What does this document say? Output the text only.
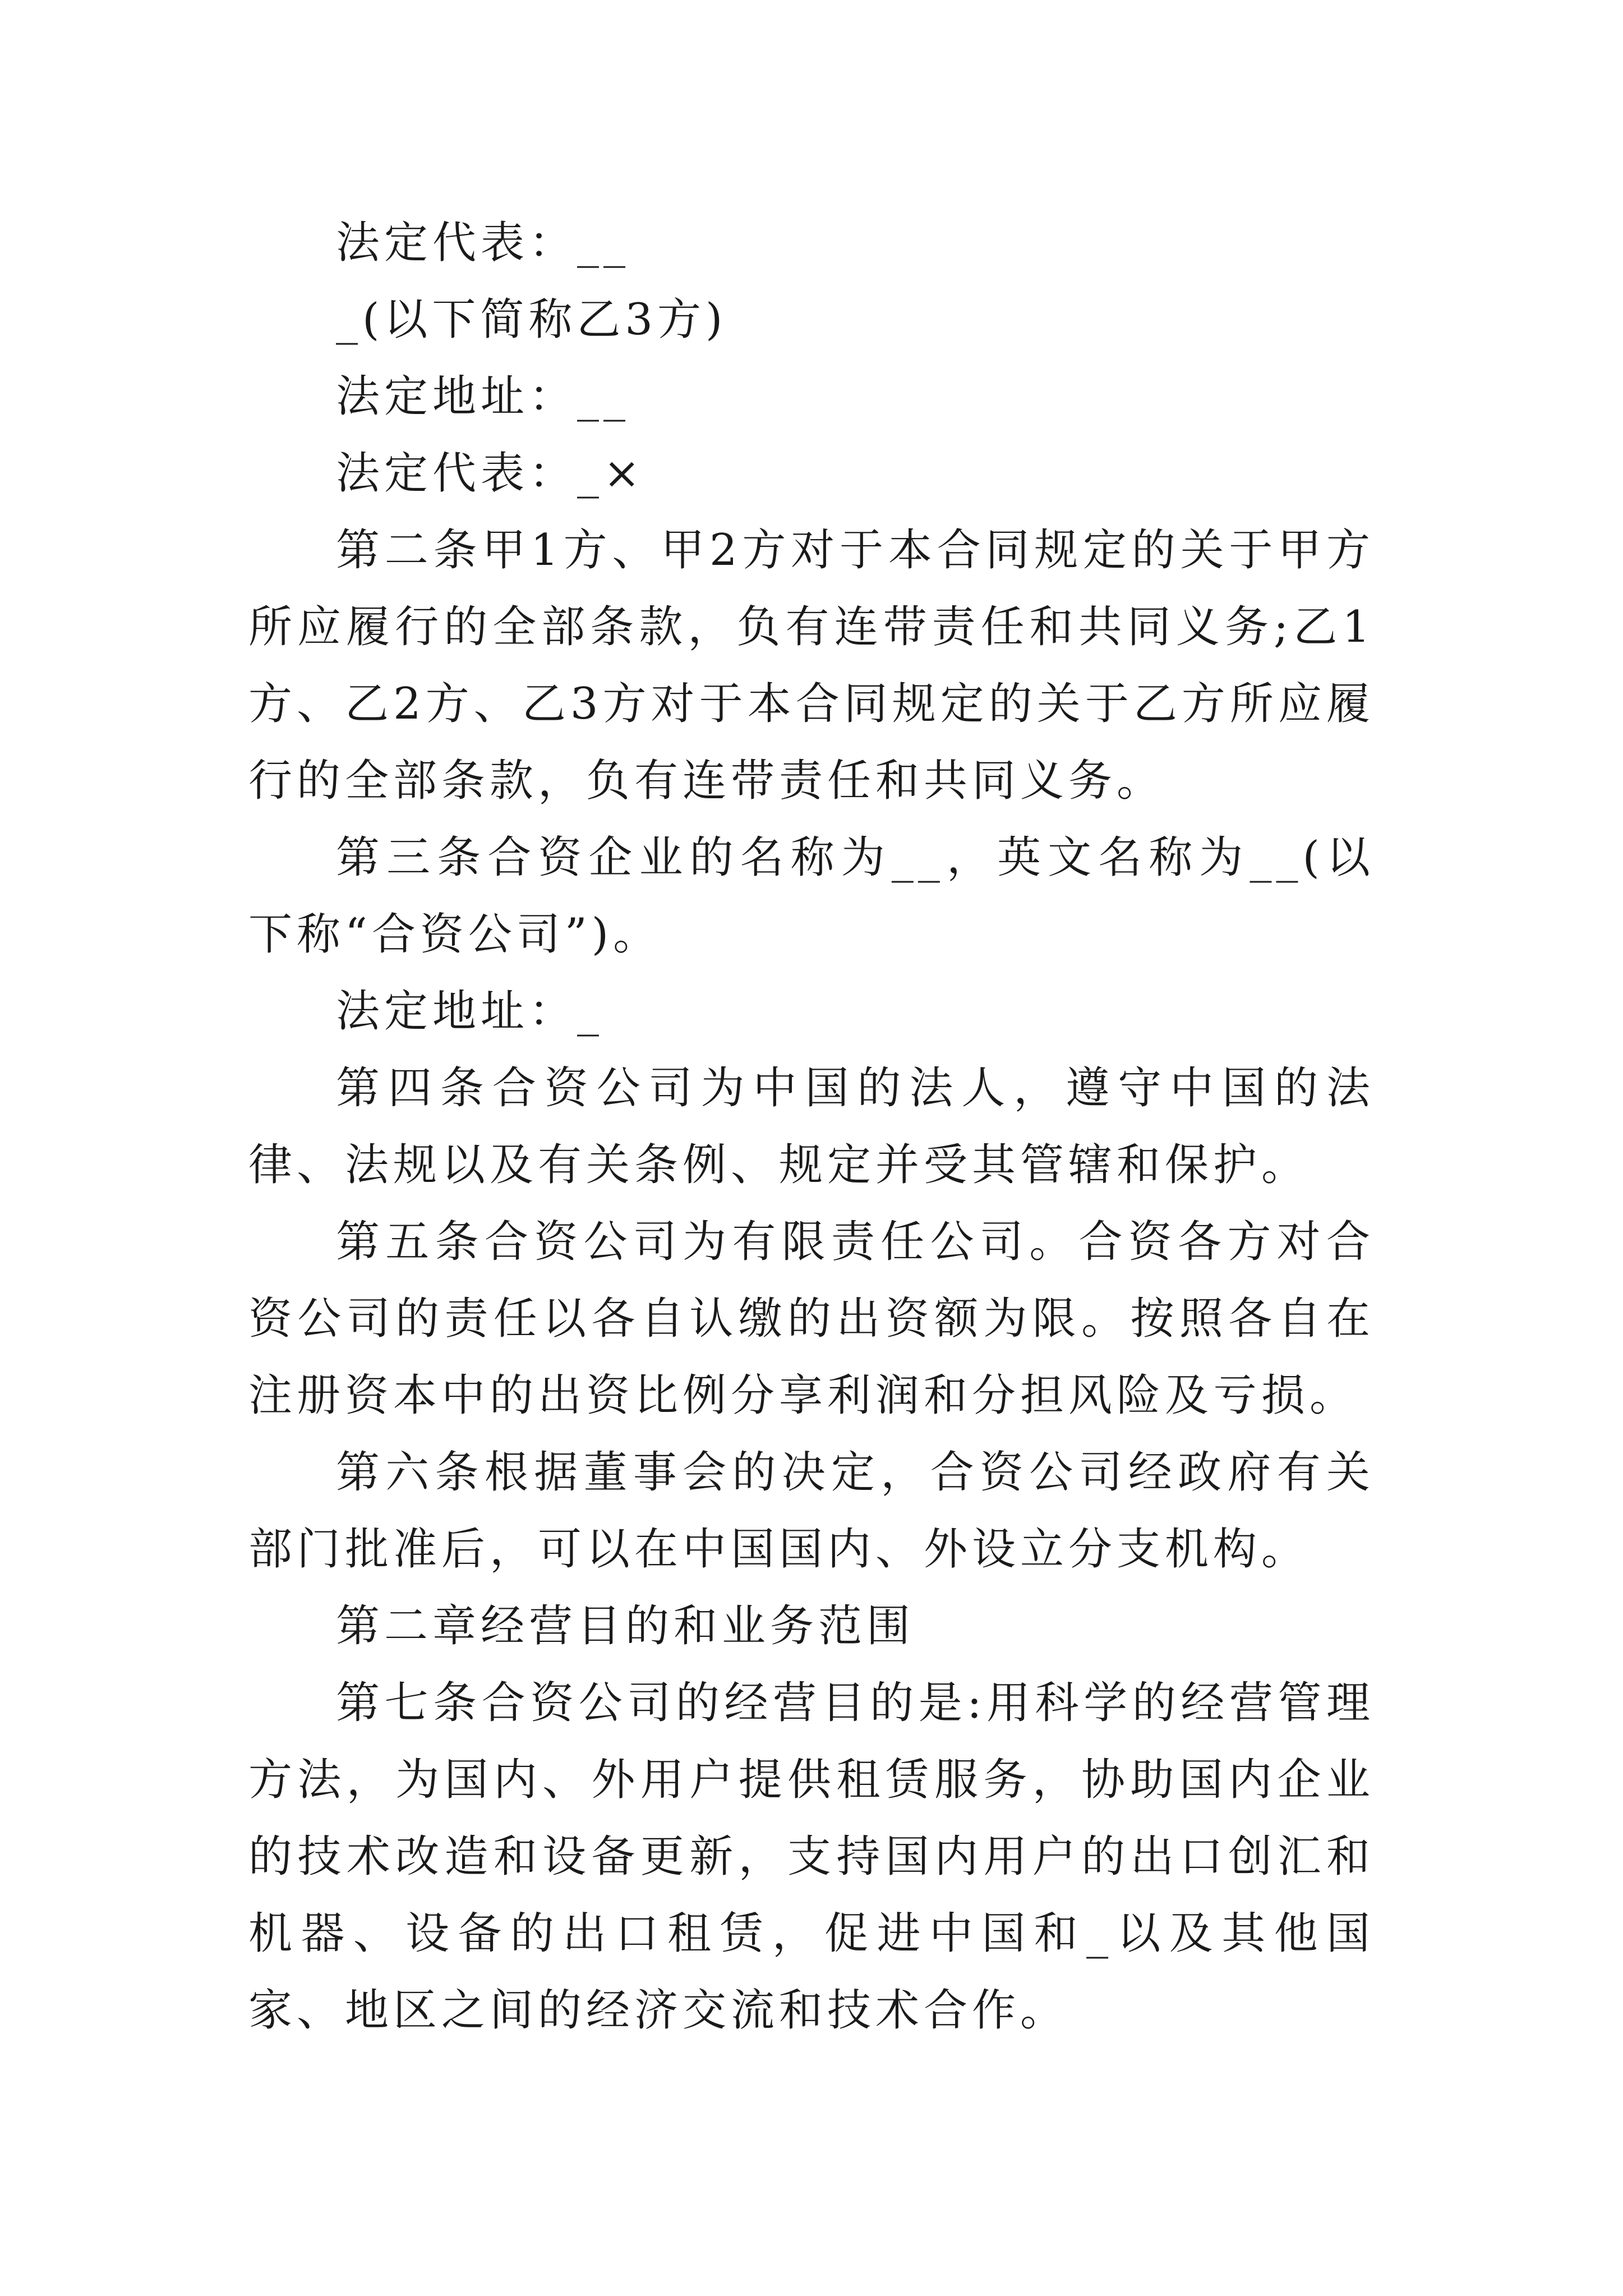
法定代表：__

_(以下简称乙3方)

法定地址：__

法定代表：_×

第二条甲1方、甲2方对于本合同规定的关于甲方所应履行的全部条款，负有连带责任和共同义务;乙1方、乙2方、乙3方对于本合同规定的关于乙方所应履行的全部条款，负有连带责任和共同义务。

第三条合资企业的名称为__，英文名称为__(以下称“合资公司”)。

法定地址：_

第四条合资公司为中国的法人，遵守中国的法律、法规以及有关条例、规定并受其管辖和保护。

第五条合资公司为有限责任公司。合资各方对合资公司的责任以各自认缴的出资额为限。按照各自在注册资本中的出资比例分享利润和分担风险及亏损。

第六条根据董事会的决定，合资公司经政府有关部门批准后，可以在中国国内、外设立分支机构。

第二章经营目的和业务范围

第七条合资公司的经营目的是:用科学的经营管理方法，为国内、外用户提供租赁服务，协助国内企业的技术改造和设备更新，支持国内用户的出口创汇和机器、设备的出口租赁，促进中国和_以及其他国家、地区之间的经济交流和技术合作。
